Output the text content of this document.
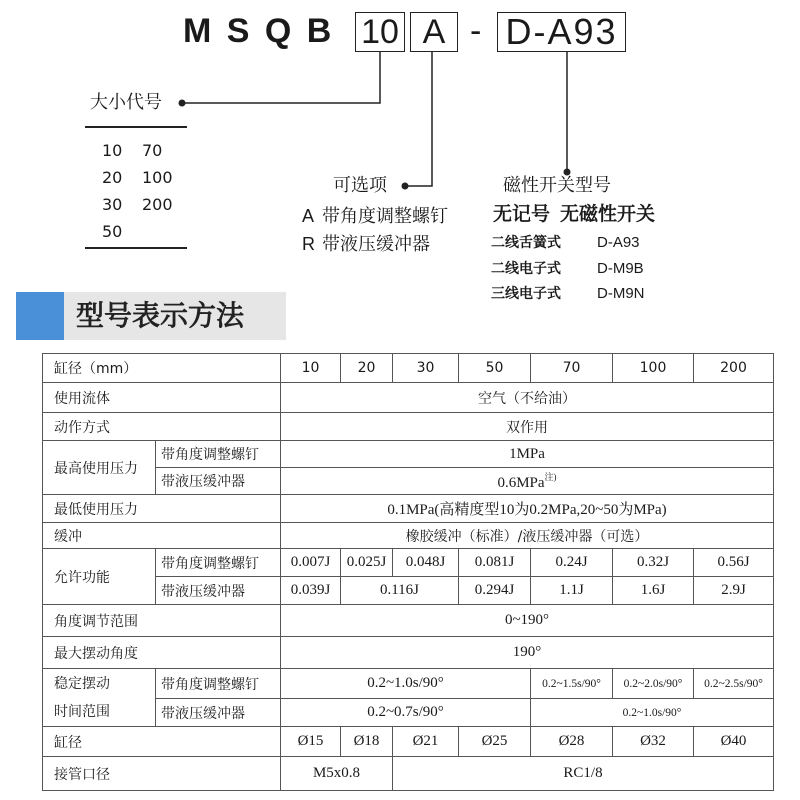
M S Q B 10 A - D-A93
大小代号
10 70
20 100
30 200
50
可选项
A 带角度调整螺钉
R 带液压缓冲器
磁性开关型号
无记号 无磁性开关
二线舌簧式 D-A93
二线电子式 D-M9B
三线电子式 D-M9N
型号表示方法
缸径（mm）		10	20	30	50	70	100	200
使用流体		空气（不给油）						
动作方式		双作用						
最高使用压力	带角度调整螺钉	1MPa						
	带液压缓冲器	0.6MPa$^{注)}$
最低使用压力		0.1MPa(高精度型10为0.2MPa,20~50为MPa)						
缓冲		橡胶缓冲（标准）/液压缓冲器（可选）						
允许功能	带角度调整螺钉	0.007J	0.025J	0.048J	0.081J	0.24J	0.32J	0.56J
	带液压缓冲器	0.039J	0.116J		0.294J	1.1J	1.6J	2.9J
角度调节范围		0~190°						
最大摆动角度		190°						

稳定摆动
时间范围	带角度调整螺钉	0.2~1.0s/90°				0.2~1.5s/90°	0.2~2.0s/90°	0.2~2.5s/90°
	带液压缓冲器	0.2~0.7s/90°				0.2~1.0s/90°		
缸径		Ø15	Ø18	Ø21	Ø25	Ø28	Ø32	Ø40
接管口径		M5x0.8		RC1/8				
